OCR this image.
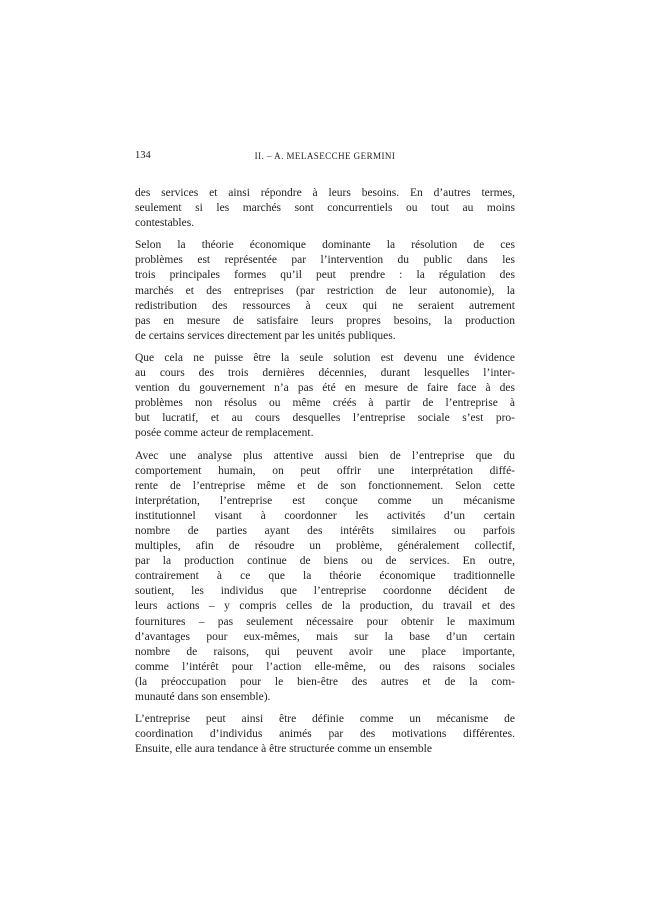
134	II. – A. MELASECCHE GERMINI
des services et ainsi répondre à leurs besoins. En d’autres termes,
seulement si les marchés sont concurrentiels ou tout au moins
contestables.
Selon la théorie économique dominante la résolution de ces
problèmes est représentée par l’intervention du public dans les
trois principales formes qu’il peut prendre : la régulation des
marchés et des entreprises (par restriction de leur autonomie), la
redistribution des ressources à ceux qui ne seraient autrement
pas en mesure de satisfaire leurs propres besoins, la production
de certains services directement par les unités publiques.
Que cela ne puisse être la seule solution est devenu une évidence
au cours des trois dernières décennies, durant lesquelles l’inter-
vention du gouvernement n’a pas été en mesure de faire face à des
problèmes non résolus ou même créés à partir de l’entreprise à
but lucratif, et au cours desquelles l’entreprise sociale s’est pro-
posée comme acteur de remplacement.
Avec une analyse plus attentive aussi bien de l’entreprise que du
comportement humain, on peut offrir une interprétation diffé-
rente de l’entreprise même et de son fonctionnement. Selon cette
interprétation, l’entreprise est conçue comme un mécanisme
institutionnel visant à coordonner les activités d’un certain
nombre de parties ayant des intérêts similaires ou parfois
multiples, afin de résoudre un problème, généralement collectif,
par la production continue de biens ou de services. En outre,
contrairement à ce que la théorie économique traditionnelle
soutient, les individus que l’entreprise coordonne décident de
leurs actions – y compris celles de la production, du travail et des
fournitures – pas seulement nécessaire pour obtenir le maximum
d’avantages pour eux-mêmes, mais sur la base d’un certain
nombre de raisons, qui peuvent avoir une place importante,
comme l’intérêt pour l’action elle-même, ou des raisons sociales
(la préoccupation pour le bien-être des autres et de la com-
munauté dans son ensemble).
L’entreprise peut ainsi être définie comme un mécanisme de
coordination d’individus animés par des motivations différentes.
Ensuite, elle aura tendance à être structurée comme un ensemble
